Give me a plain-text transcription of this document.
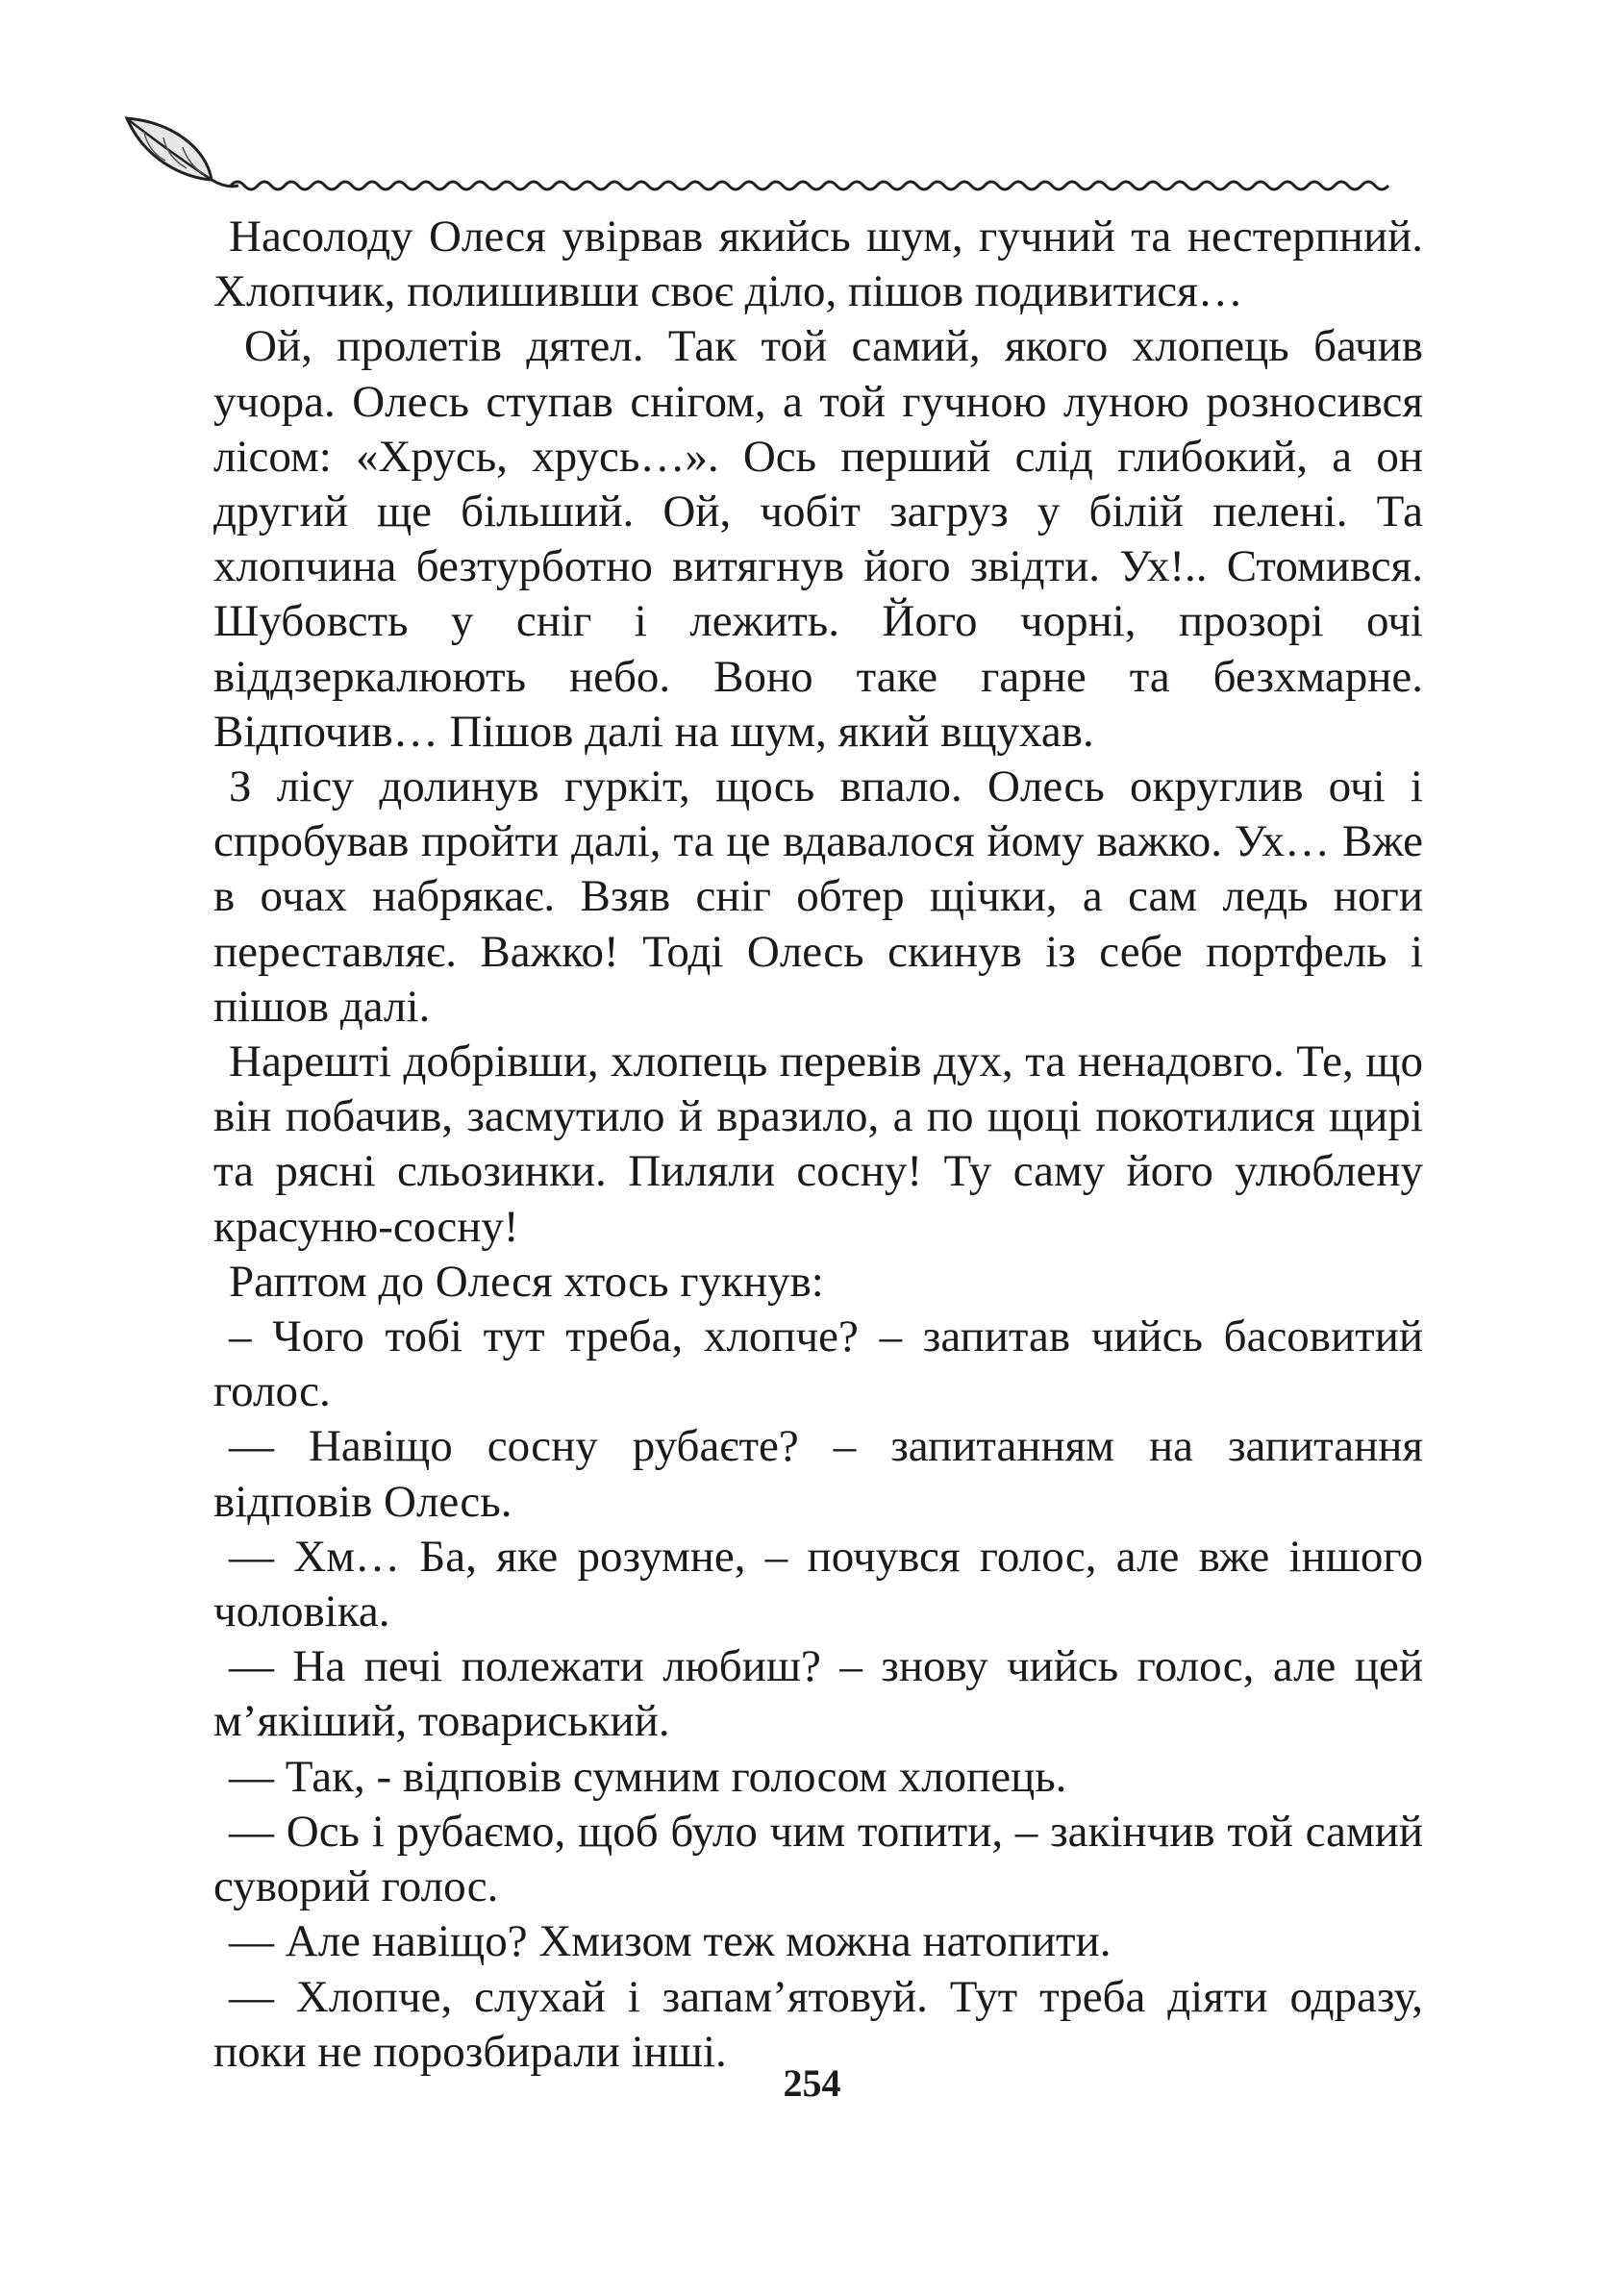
Насолоду Олеся увірвав якийсь шум, гучний та нестерпний. Хлопчик, полишивши своє діло, пішов подивитися…

Ой, пролетів дятел. Так той самий, якого хлопець бачив учора. Олесь ступав снігом, а той гучною луною розносився лісом: «Хрусь, хрусь…». Ось перший слід глибокий, а он другий ще більший. Ой, чобіт загруз у білій пелені. Та хлопчина безтурботно витягнув його звідти. Ух!.. Стомився. Шубовсть у сніг і лежить. Його чорні, прозорі очі віддзеркалюють небо. Воно таке гарне та безхмарне. Відпочив… Пішов далі на шум, який вщухав.

З лісу долинув гуркіт, щось впало. Олесь округлив очі і спробував пройти далі, та це вдавалося йому важко. Ух… Вже в очах набрякає. Взяв сніг обтер щічки, а сам ледь ноги переставляє. Важко! Тоді Олесь скинув із себе портфель і пішов далі.

Нарешті добрівши, хлопець перевів дух, та ненадовго. Те, що він побачив, засмутило й вразило, а по щоці покотилися щирі та рясні сльозинки. Пиляли сосну! Ту саму його улюблену красуню-сосну!

Раптом до Олеся хтось гукнув:

– Чого тобі тут треба, хлопче? – запитав чийсь басовитий голос.

— Навіщо сосну рубаєте? – запитанням на запитання відповів Олесь.

— Хм… Ба, яке розумне, – почувся голос, але вже іншого чоловіка.

— На печі полежати любиш? – знову чийсь голос, але цей м’якіший, товариський.

— Так, - відповів сумним голосом хлопець.

— Ось і рубаємо, щоб було чим топити, – закінчив той самий суворий голос.

— Але навіщо? Хмизом теж можна натопити.

— Хлопче, слухай і запам’ятовуй. Тут треба діяти одразу, поки не порозбирали інші.

254
